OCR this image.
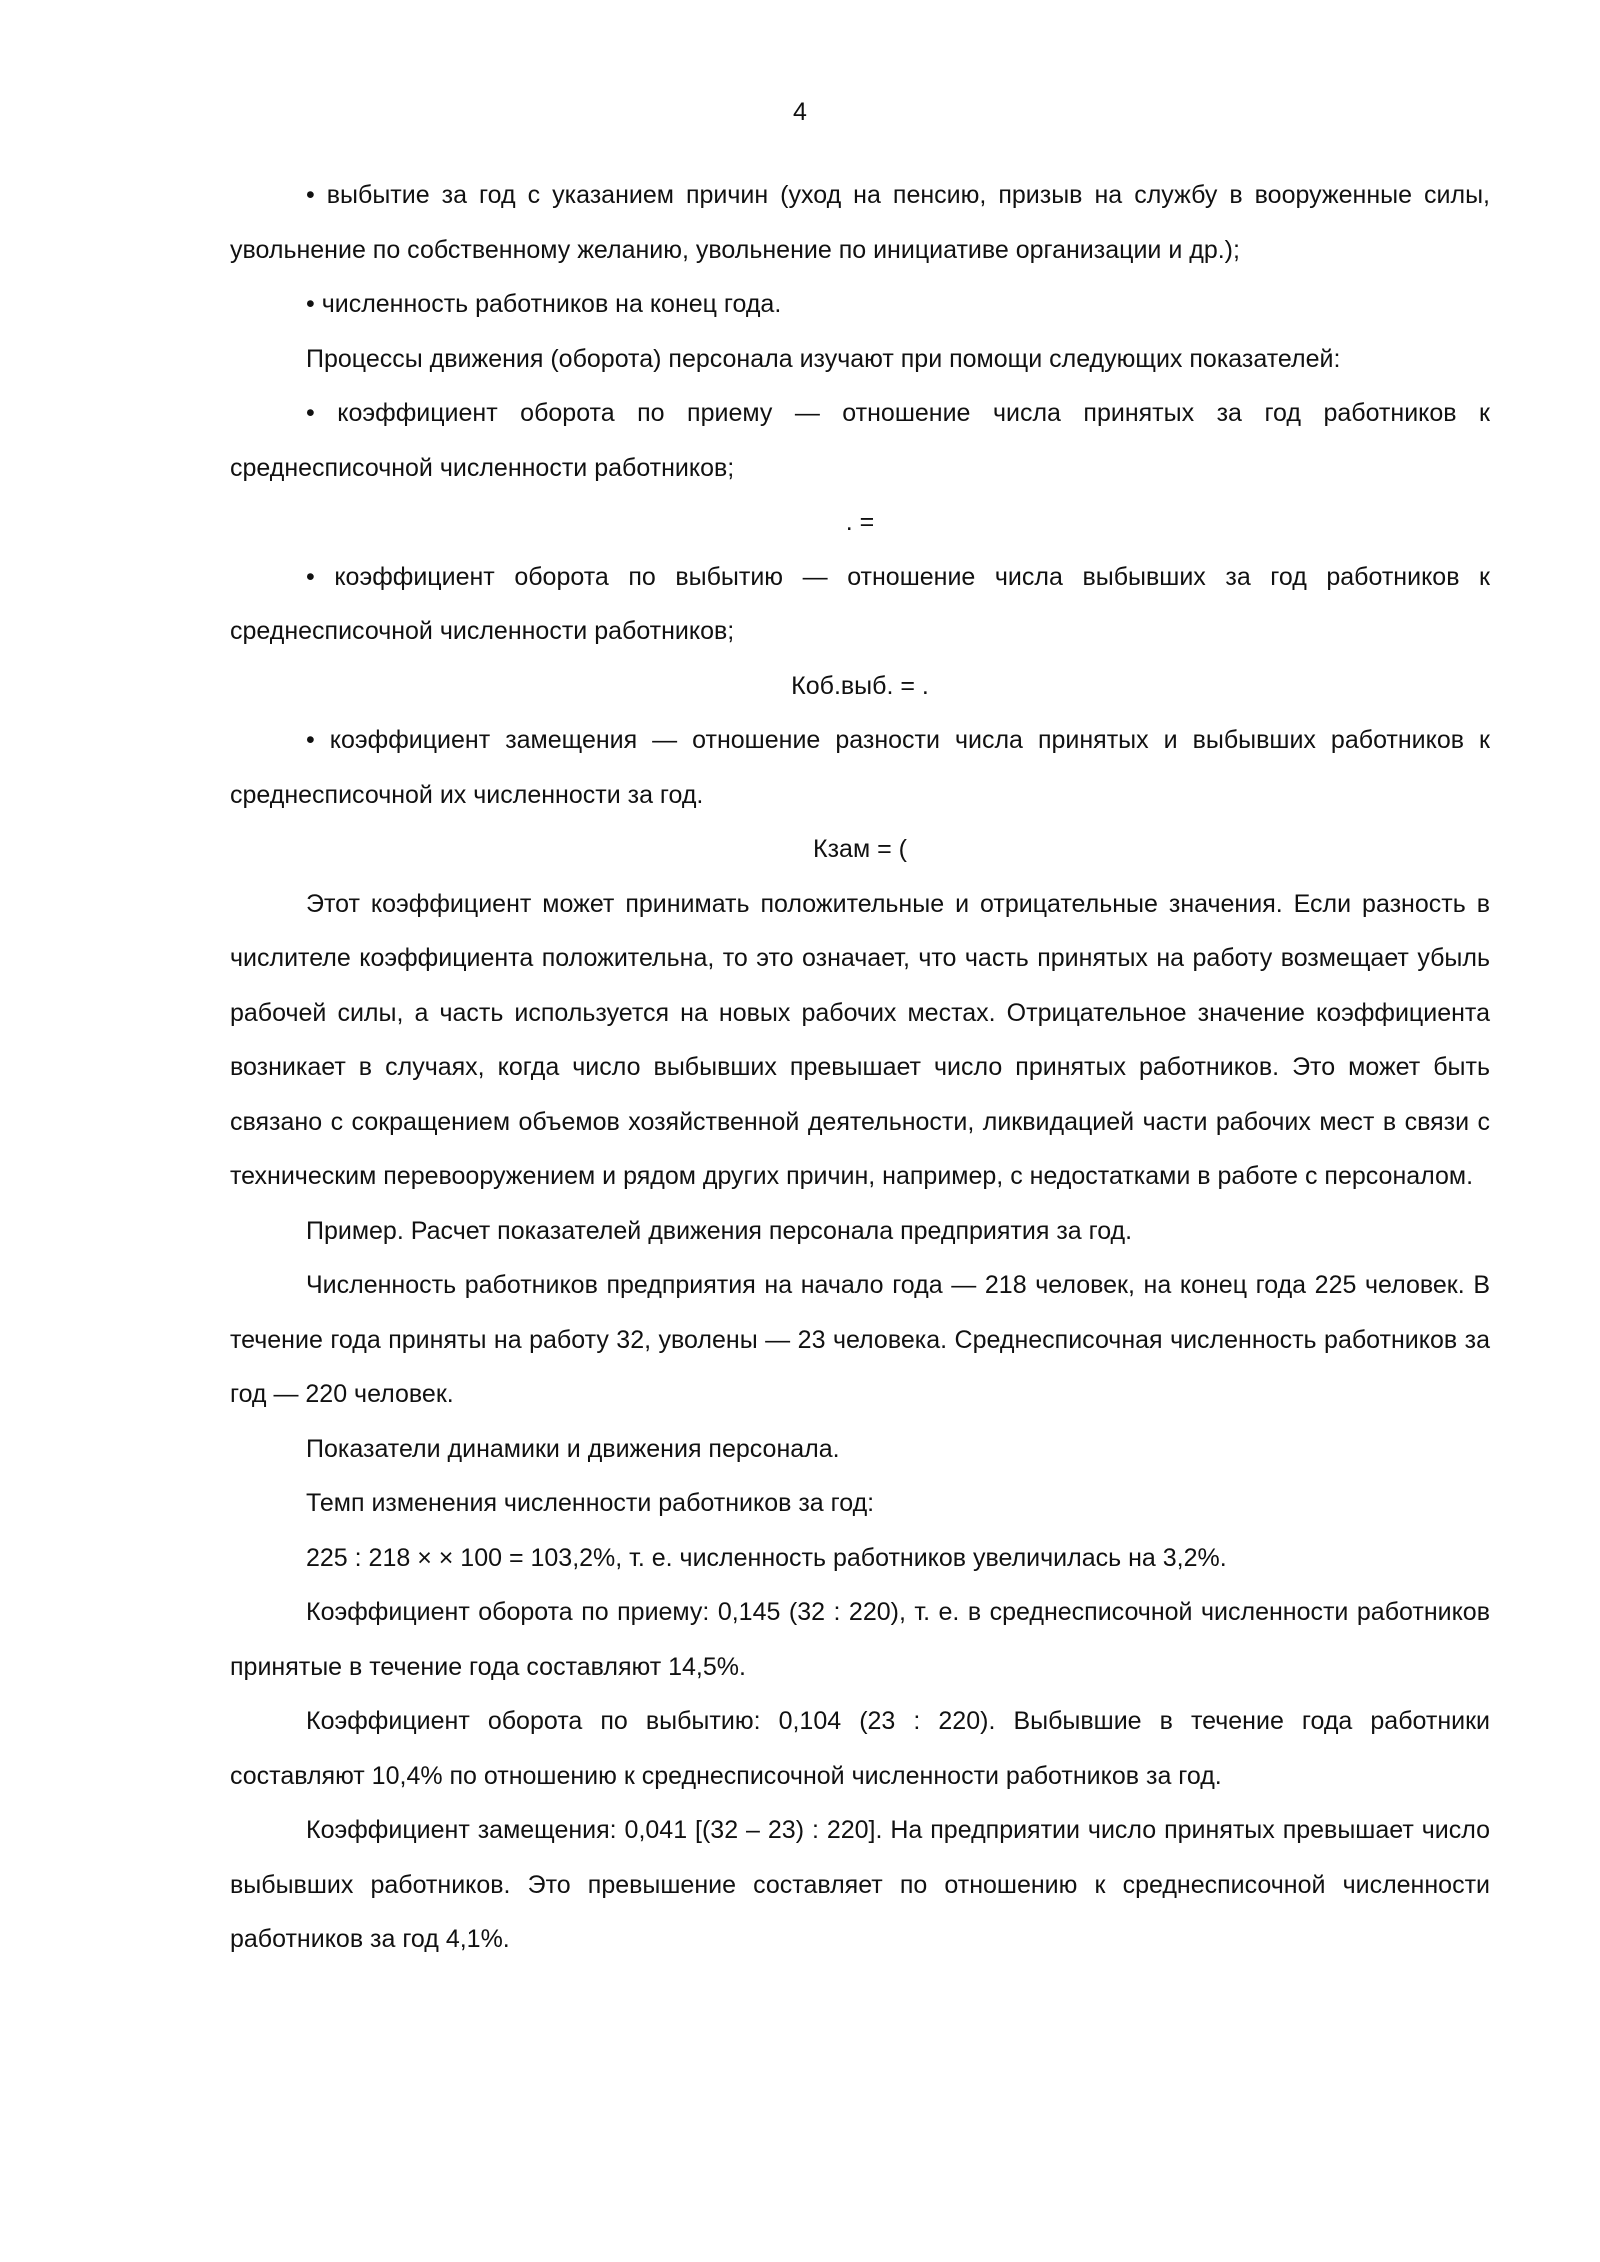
4

• выбытие за год с указанием причин (уход на пенсию, призыв на службу в вооруженные силы, увольнение по собственному желанию, увольнение по инициативе организации и др.);

• численность работников на конец года.

Процессы движения (оборота) персонала изучают при помощи следующих показателей:

• коэффициент оборота по приему — отношение числа принятых за год работников к среднесписочной численности работников;

. =

• коэффициент оборота по выбытию — отношение числа выбывших за год работников к среднесписочной численности работников;

Коб.выб. = .

• коэффициент замещения — отношение разности числа принятых и выбывших работников к среднесписочной их численности за год.

Кзам = (

Этот коэффициент может принимать положительные и отрицательные значения. Если разность в числителе коэффициента положительна, то это означает, что часть принятых на работу возмещает убыль рабочей силы, а часть используется на новых рабочих местах. Отрицательное значение коэффициента возникает в случаях, когда число выбывших превышает число принятых работников. Это может быть связано с сокращением объемов хозяйственной деятельности, ликвидацией части рабочих мест в связи с техническим перевооружением и рядом других причин, например, с недостатками в работе с персоналом.

Пример. Расчет показателей движения персонала предприятия за год.

Численность работников предприятия на начало года — 218 человек, на конец года 225 человек. В течение года приняты на работу 32, уволены — 23 человека. Среднесписочная численность работников за год — 220 человек.

Показатели динамики и движения персонала.

Темп изменения численности работников за год:

225 : 218 × × 100 = 103,2%, т. е. численность работников увеличилась на 3,2%.

Коэффициент оборота по приему: 0,145 (32 : 220), т. е. в среднесписочной численности работников принятые в течение года составляют 14,5%.

Коэффициент оборота по выбытию: 0,104 (23 : 220). Выбывшие в течение года работники составляют 10,4% по отношению к среднесписочной численности работников за год.

Коэффициент замещения: 0,041 [(32 – 23) : 220]. На предприятии число принятых превышает число выбывших работников. Это превышение составляет по отношению к среднесписочной численности работников за год 4,1%.
